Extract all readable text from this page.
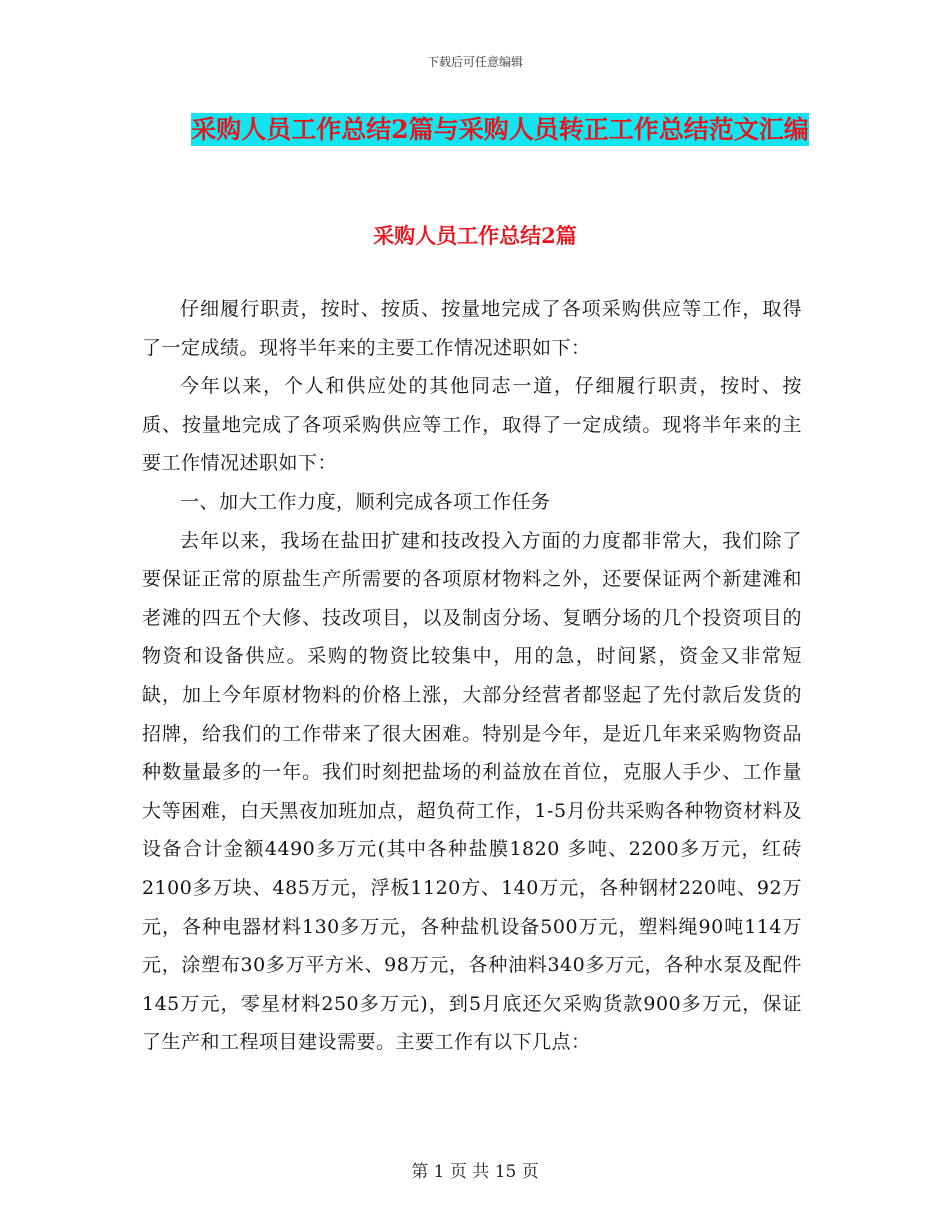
下载后可任意编辑
采购人员工作总结2篇与采购人员转正工作总结范文汇编
采购人员工作总结2篇

仔细履行职责，按时、按质、按量地完成了各项采购供应等工作，取得了一定成绩。现将半年来的主要工作情况述职如下：

今年以来，个人和供应处的其他同志一道，仔细履行职责，按时、按质、按量地完成了各项采购供应等工作，取得了一定成绩。现将半年来的主要工作情况述职如下：

一、加大工作力度，顺利完成各项工作任务

去年以来，我场在盐田扩建和技改投入方面的力度都非常大，我们除了要保证正常的原盐生产所需要的各项原材物料之外，还要保证两个新建滩和老滩的四五个大修、技改项目，以及制卤分场、复晒分场的几个投资项目的物资和设备供应。采购的物资比较集中，用的急，时间紧，资金又非常短缺，加上今年原材物料的价格上涨，大部分经营者都竖起了先付款后发货的招牌，给我们的工作带来了很大困难。特别是今年，是近几年来采购物资品种数量最多的一年。我们时刻把盐场的利益放在首位，克服人手少、工作量大等困难，白天黑夜加班加点，超负荷工作，1-5月份共采购各种物资材料及设备合计金额4490多万元(其中各种盐膜1820 多吨、2200多万元，红砖2100多万块、485万元，浮板1120方、140万元，各种钢材220吨、92万元，各种电器材料130多万元，各种盐机设备500万元，塑料绳90吨114万元，涂塑布30多万平方米、98万元，各种油料340多万元，各种水泵及配件145万元，零星材料250多万元)，到5月底还欠采购货款900多万元，保证了生产和工程项目建设需要。主要工作有以下几点：

第 1 页 共 15 页
